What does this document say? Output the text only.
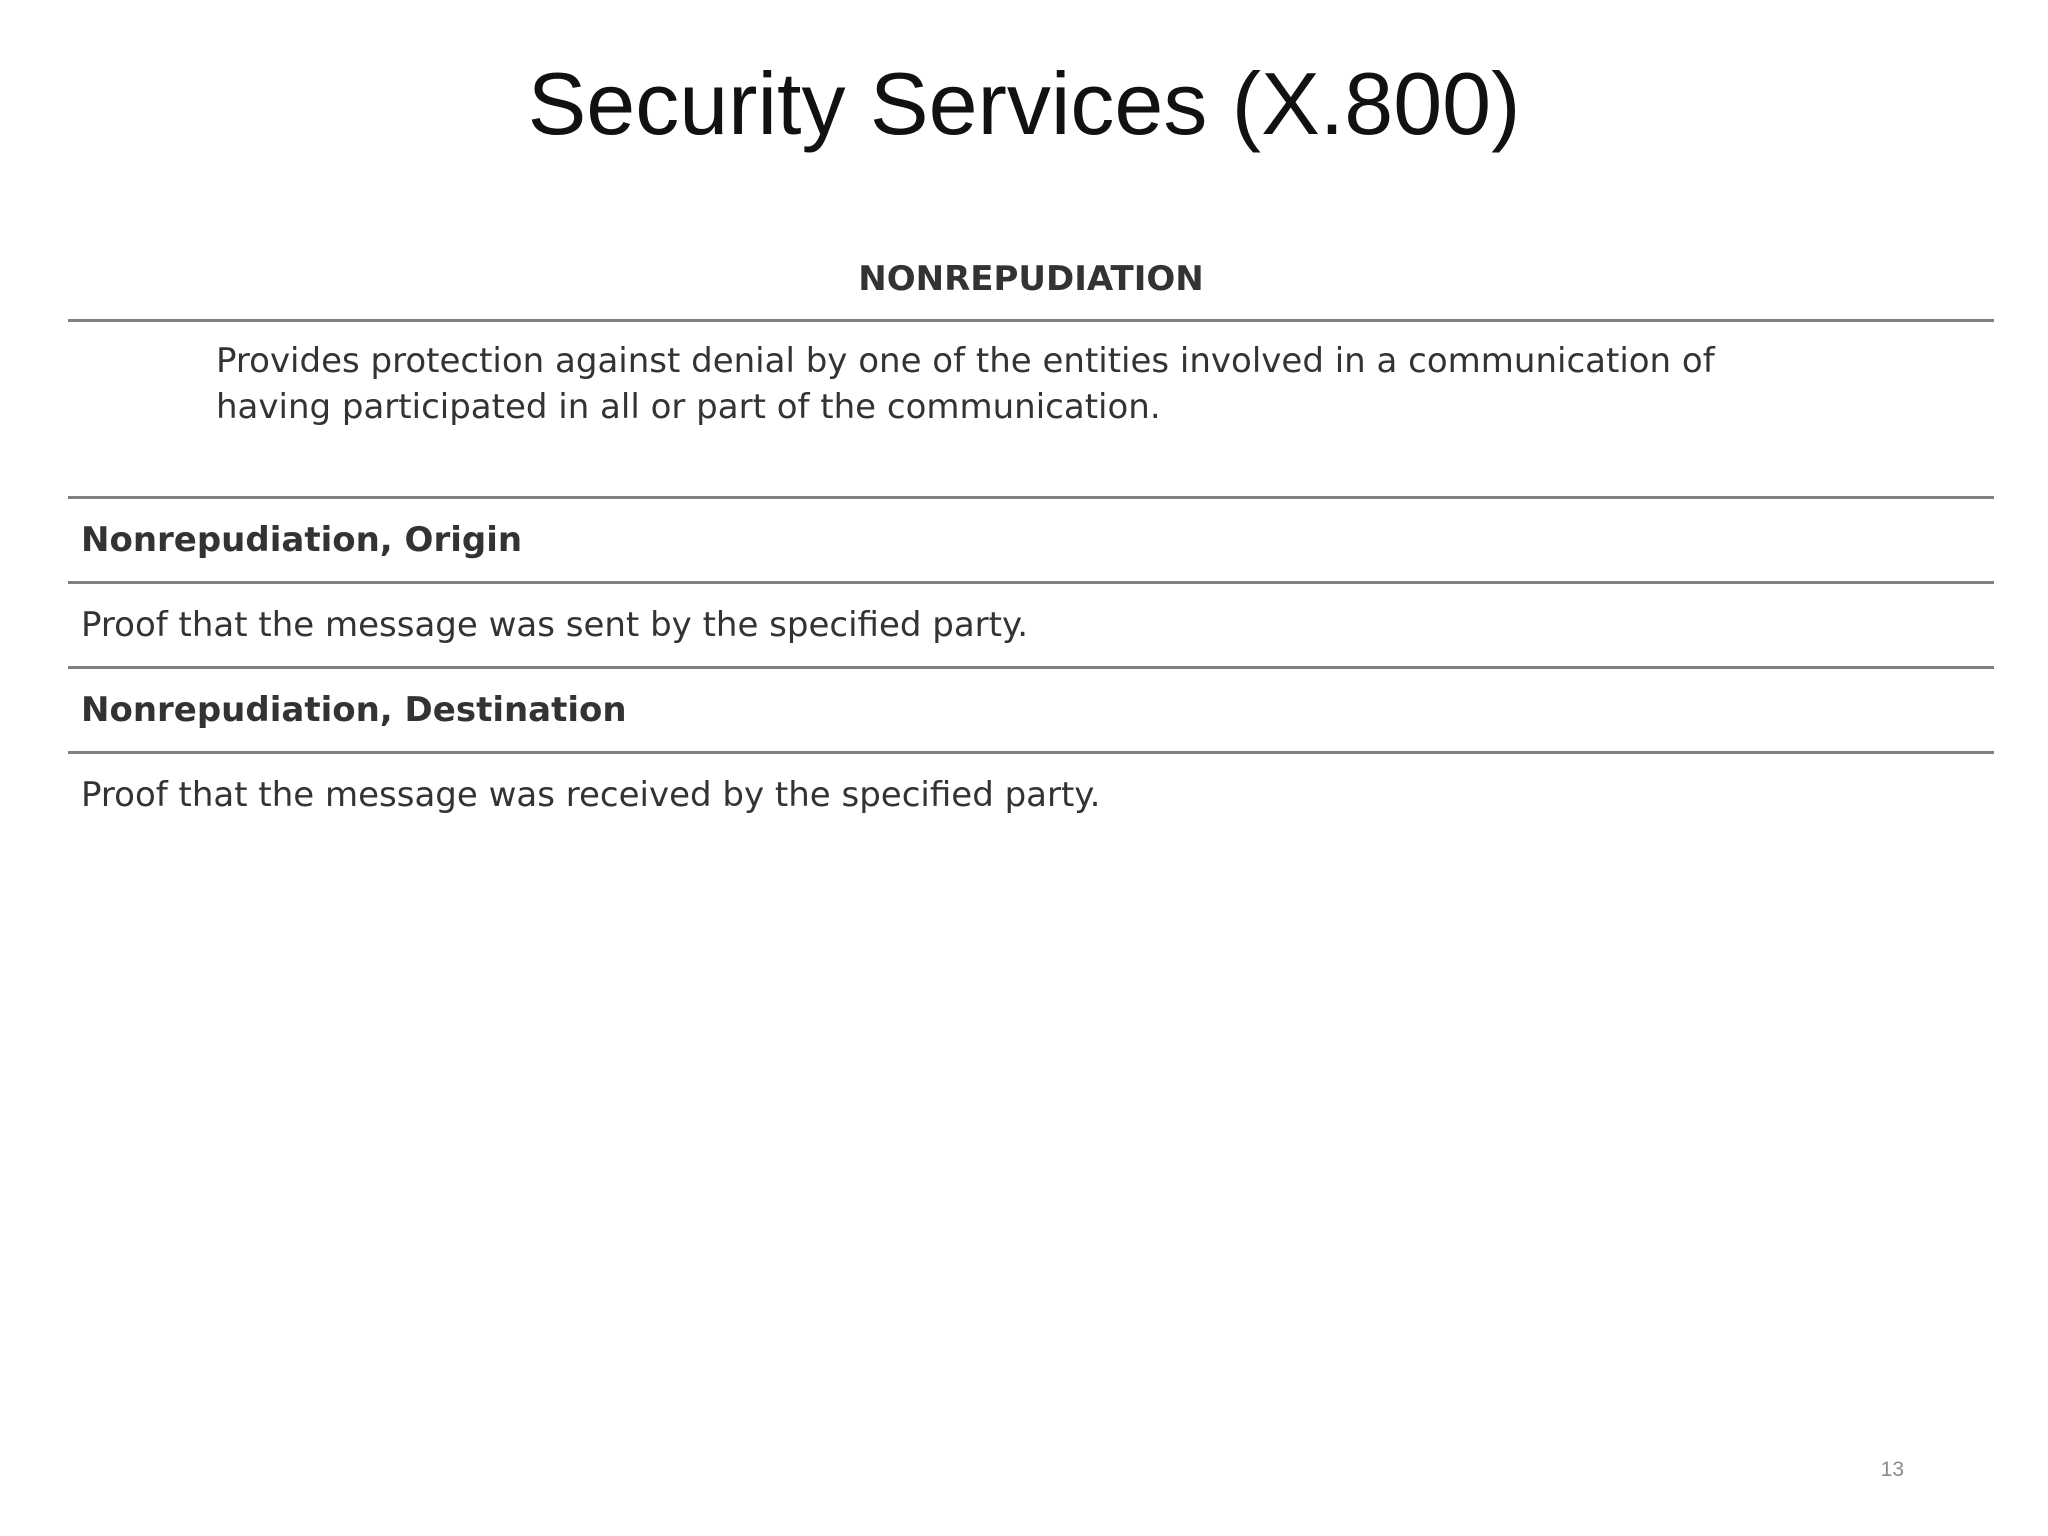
Security Services (X.800)
NONREPUDIATION
Provides protection against denial by one of the entities involved in a communication of
having participated in all or part of the communication.
Nonrepudiation, Origin
Proof that the message was sent by the specified party.
Nonrepudiation, Destination
Proof that the message was received by the specified party.
13
